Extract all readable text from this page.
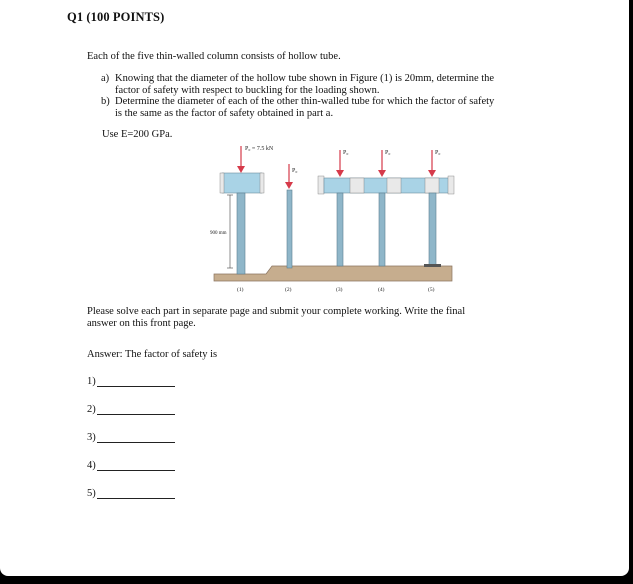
Q1 (100 POINTS)
Each of the five thin-walled column consists of hollow tube.
a) Knowing that the diameter of the hollow tube shown in Figure (1) is 20mm, determine the
factor of safety with respect to buckling for the loading shown.
b) Determine the diameter of each of the other thin-walled tube for which the factor of safety
is the same as the factor of safety obtained in part a.
Use E=200 GPa.
P₀ = 7.5 kN
P₀
P₀	P₀	P₀
900 mm
(1)	(2)	(3)	(4)	(5)
Please solve each part in separate page and submit your complete working. Write the final
answer on this front page.
Answer: The factor of safety is
1)
2)
3)
4)
5)
